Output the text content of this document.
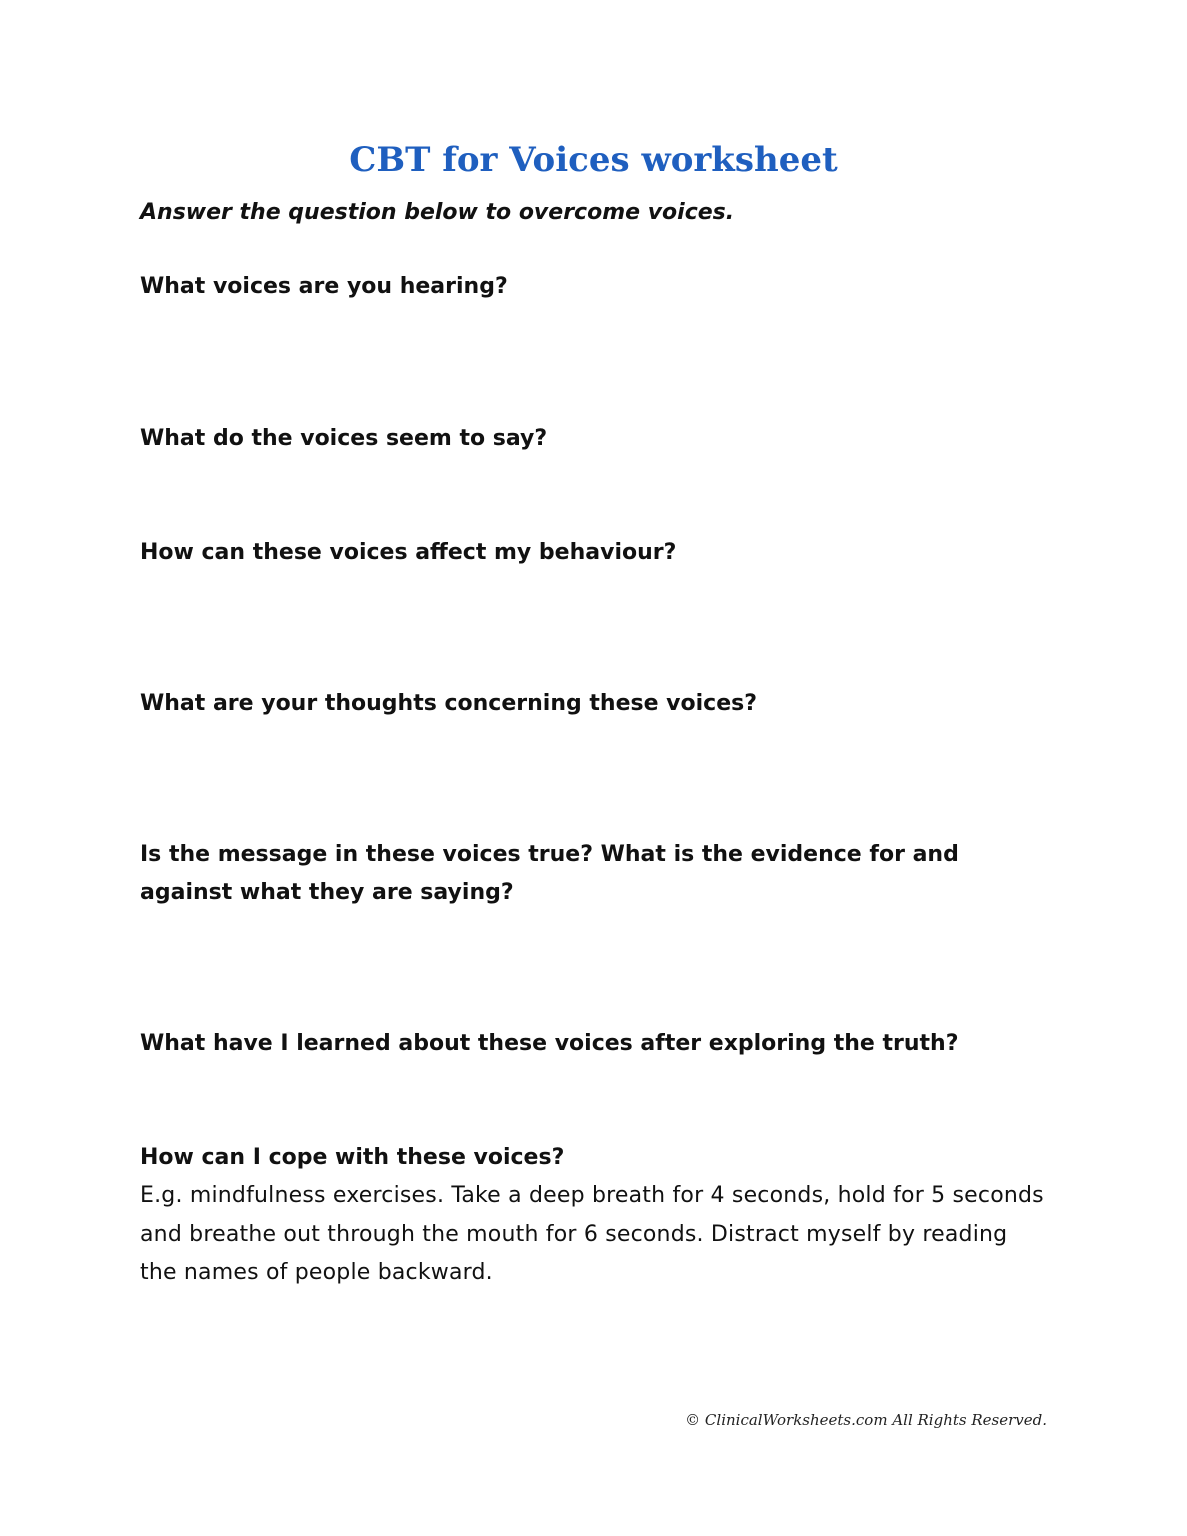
CBT for Voices worksheet

Answer the question below to overcome voices.

What voices are you hearing?

What do the voices seem to say?

How can these voices affect my behaviour?

What are your thoughts concerning these voices?

Is the message in these voices true? What is the evidence for and against what they are saying?

What have I learned about these voices after exploring the truth?

How can I cope with these voices?

E.g. mindfulness exercises. Take a deep breath for 4 seconds, hold for 5 seconds and breathe out through the mouth for 6 seconds. Distract myself by reading the names of people backward.

© ClinicalWorksheets.com All Rights Reserved.
